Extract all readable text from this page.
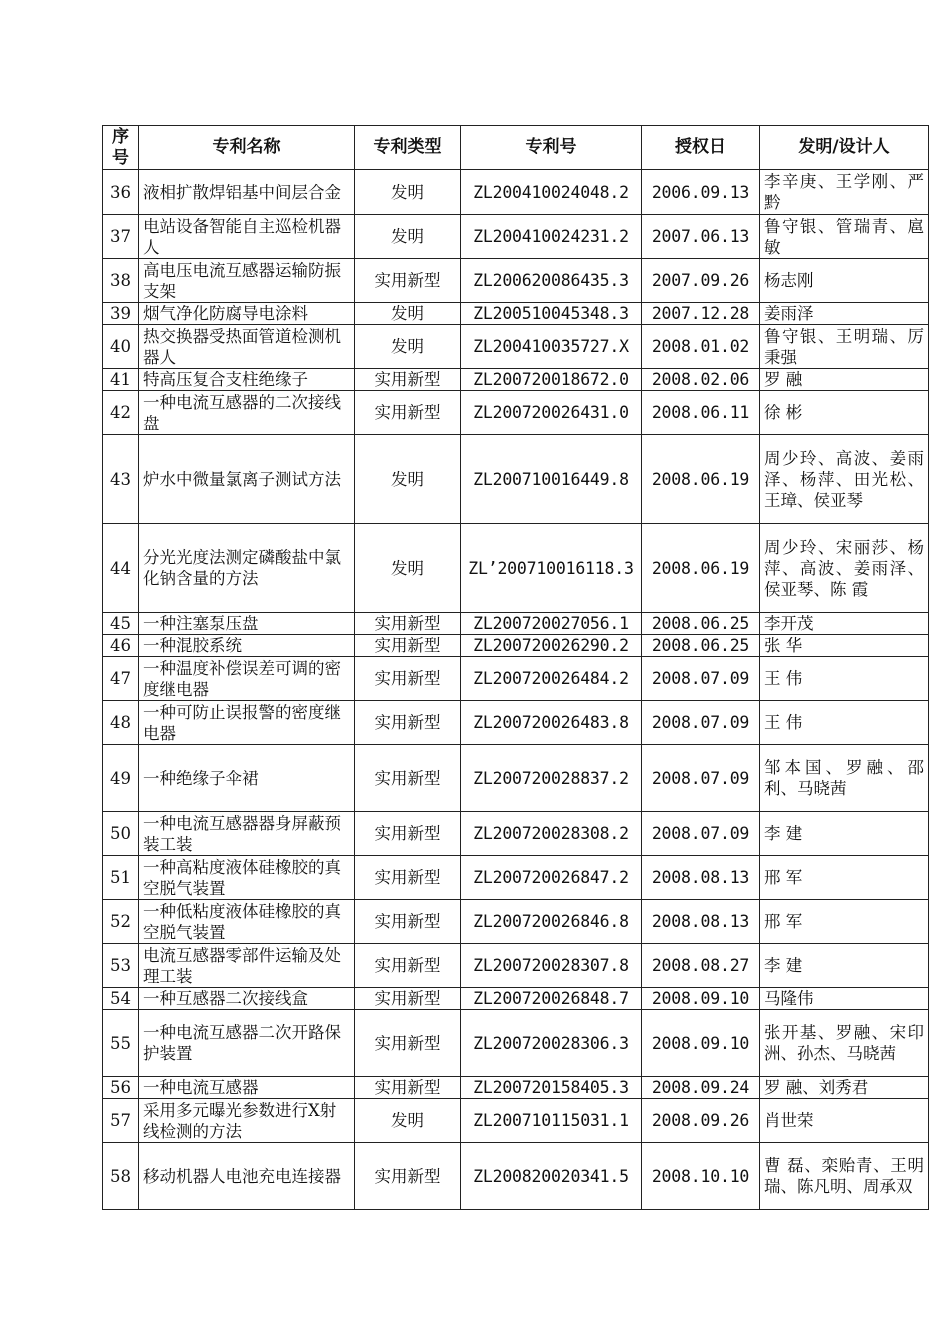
序号	专利名称	专利类型	专利号	授权日	发明/设计人
36	液相扩散焊铝基中间层合金	发明	ZL200410024048.2	2006.09.13	李辛庚、王学刚、严 黔
37	电站设备智能自主巡检机器人	发明	ZL200410024231.2	2007.06.13	鲁守银、管瑞青、扈 敏
38	高电压电流互感器运输防振支架	实用新型	ZL200620086435.3	2007.09.26	杨志刚
39	烟气净化防腐导电涂料	发明	ZL200510045348.3	2007.12.28	姜雨泽
40	热交换器受热面管道检测机器人	发明	ZL200410035727.X	2008.01.02	鲁守银、王明瑞、厉秉强
41	特高压复合支柱绝缘子	实用新型	ZL200720018672.0	2008.02.06	罗 融
42	一种电流互感器的二次接线盘	实用新型	ZL200720026431.0	2008.06.11	徐 彬
43	炉水中微量氯离子测试方法	发明	ZL200710016449.8	2008.06.19	周少玲、高波、姜雨泽、杨萍、田光松、王璋、侯亚琴
44	分光光度法测定磷酸盐中氯化钠含量的方法	发明	ZL’200710016118.3	2008.06.19	周少玲、宋丽莎、杨 萍、高波、姜雨泽、侯亚琴、陈 霞
45	一种注塞泵压盘	实用新型	ZL200720027056.1	2008.06.25	李开茂
46	一种混胶系统	实用新型	ZL200720026290.2	2008.06.25	张 华
47	一种温度补偿误差可调的密度继电器	实用新型	ZL200720026484.2	2008.07.09	王 伟
48	一种可防止误报警的密度继电器	实用新型	ZL200720026483.8	2008.07.09	王 伟
49	一种绝缘子伞裙	实用新型	ZL200720028837.2	2008.07.09	邹本国、罗融、邵 利、马晓茜
50	一种电流互感器器身屏蔽预装工装	实用新型	ZL200720028308.2	2008.07.09	李 建
51	一种高粘度液体硅橡胶的真空脱气装置	实用新型	ZL200720026847.2	2008.08.13	邢 军
52	一种低粘度液体硅橡胶的真空脱气装置	实用新型	ZL200720026846.8	2008.08.13	邢 军
53	电流互感器零部件运输及处理工装	实用新型	ZL200720028307.8	2008.08.27	李 建
54	一种互感器二次接线盒	实用新型	ZL200720026848.7	2008.09.10	马隆伟
55	一种电流互感器二次开路保护装置	实用新型	ZL200720028306.3	2008.09.10	张开基、罗融、宋印洲、孙杰、马晓茜
56	一种电流互感器	实用新型	ZL200720158405.3	2008.09.24	罗 融、刘秀君
57	采用多元曝光参数进行X射线检测的方法	发明	ZL200710115031.1	2008.09.26	肖世荣
58	移动机器人电池充电连接器	实用新型	ZL200820020341.5	2008.10.10	曹 磊、栾贻青、王明瑞、陈凡明、周承双
